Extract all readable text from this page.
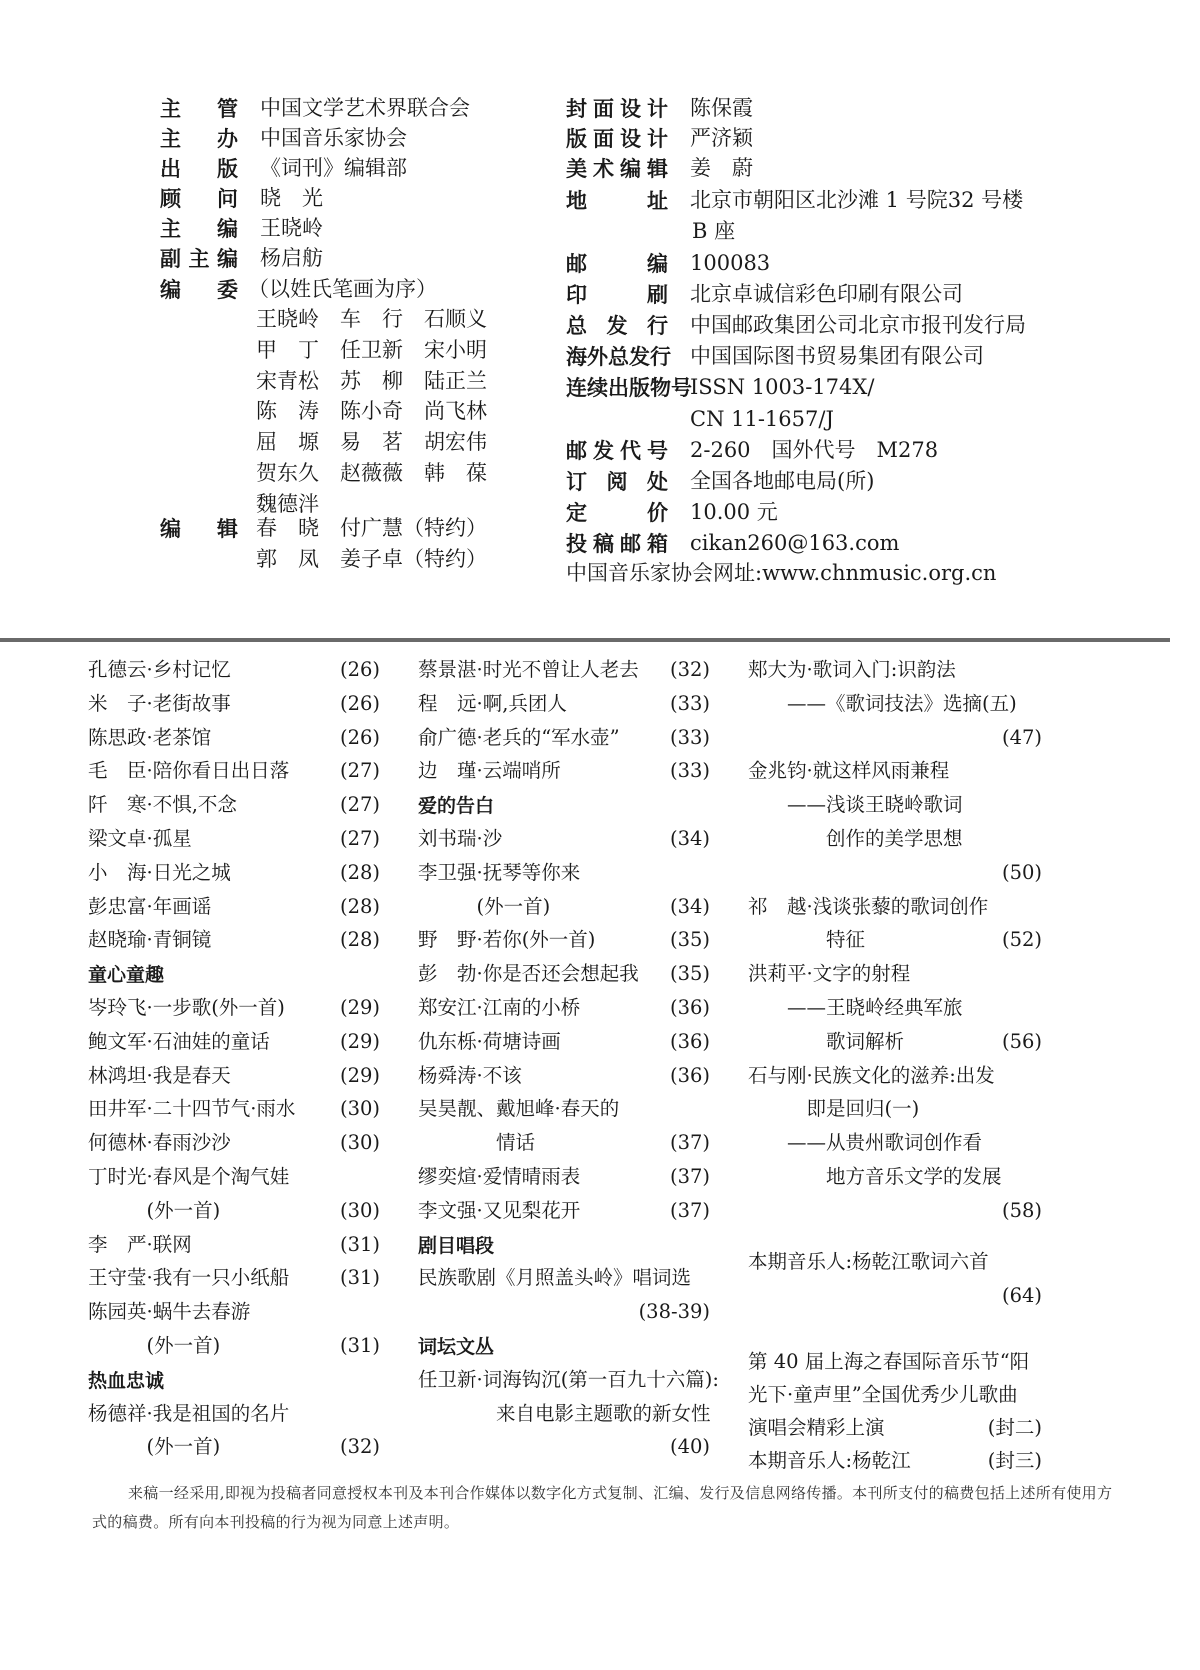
主 管 中国文学艺术界联合会
主 办 中国音乐家协会
出 版 《词刊》编辑部
顾 问 晓　光
主 编 王晓岭
副 主 编 杨启舫
编 委 （以姓氏笔画为序）
王晓岭　车　行　石顺义
甲　丁　任卫新　宋小明
宋青松　苏　柳　陆正兰
陈　涛　陈小奇　尚飞林
屈　塬　易　茗　胡宏伟
贺东久　赵薇薇　韩　葆
魏德泮
编 辑 春　晓　付广慧（特约）
郭　凤　姜子卓（特约）
封 面 设 计 陈保霞
版 面 设 计 严济颖
美 术 编 辑 姜　蔚
地	址 北京市朝阳区北沙滩 1 号院32 号楼
B 座
邮	编 100083
印	刷 北京卓诚信彩色印刷有限公司
总 发 行 中国邮政集团公司北京市报刊发行局
海 外 总 发 行 中国国际图书贸易集团有限公司
连 续 出 版 物 号
ISSN 1003-174X/
CN 11-1657/J
邮 发 代 号 2-260　国外代号　M278
订 阅 处 全国各地邮电局(所)
定	价 10.00 元
投 稿 邮 箱 cikan260@163.com
中国音乐家协会网址:www.chnmusic.org.cn
孔德云·乡村记忆	(26)
米　子·老街故事	(26)
陈思政·老茶馆	(26)
毛　臣·陪你看日出日落	(27)
阡　寒·不惧,不念	(27)
梁文卓·孤星	(27)
小　海·日光之城	(28)
彭忠富·年画谣	(28)
赵晓瑜·青铜镜	(28)
童心童趣
岑玲飞·一步歌(外一首)	(29)
鲍文军·石油娃的童话	(29)
林鸿坦·我是春天	(29)
田井军·二十四节气·雨水	(30)
何德林·春雨沙沙	(30)
丁时光·春风是个淘气娃
　　　(外一首)	(30)
李　严·联网	(31)
王守莹·我有一只小纸船	(31)
陈园英·蜗牛去春游
　　　(外一首)	(31)
热血忠诚
杨德祥·我是祖国的名片
　　　(外一首)	(32)
蔡景湛·时光不曾让人老去	(32)
程　远·啊,兵团人	(33)
俞广德·老兵的“军水壶”	(33)
边　瑾·云端哨所	(33)
爱的告白
刘书瑞·沙	(34)
李卫强·抚琴等你来
　　　(外一首)	(34)
野　野·若你(外一首)	(35)
彭　勃·你是否还会想起我	(35)
郑安江·江南的小桥	(36)
仇东栎·荷塘诗画	(36)
杨舜涛·不该	(36)
吴昊靓、戴旭峰·春天的
　　　　情话	(37)
缪奕煊·爱情晴雨表	(37)
李文强·又见梨花开	(37)
剧目唱段
民族歌剧《月照盖头岭》唱词选
(38-39)
词坛文丛
任卫新·词海钩沉(第一百九十六篇):
　　　　来自电影主题歌的新女性
(40)
郏大为·歌词入门:识韵法
　　——《歌词技法》选摘(五)
(47)
金兆钧·就这样风雨兼程
　　——浅谈王晓岭歌词
　　　　创作的美学思想
(50)
祁　越·浅谈张藜的歌词创作
　　　　特征	(52)
洪莉平·文字的射程
　　——王晓岭经典军旅
　　　　歌词解析	(56)
石与刚·民族文化的滋养:出发
　　　即是回归(一)
　　——从贵州歌词创作看
　　　　地方音乐文学的发展
(58)
本期音乐人:杨乾江歌词六首
(64)
第 40 届上海之春国际音乐节“阳
光下·童声里”全国优秀少儿歌曲
演唱会精彩上演	(封二)
本期音乐人:杨乾江	(封三)
来稿一经采用,即视为投稿者同意授权本刊及本刊合作媒体以数字化方式复制、汇编、发行及信息网络传播。本刊所支付的稿费包括上述所有使用方式的稿费。所有向本刊投稿的行为视为同意上述声明。
